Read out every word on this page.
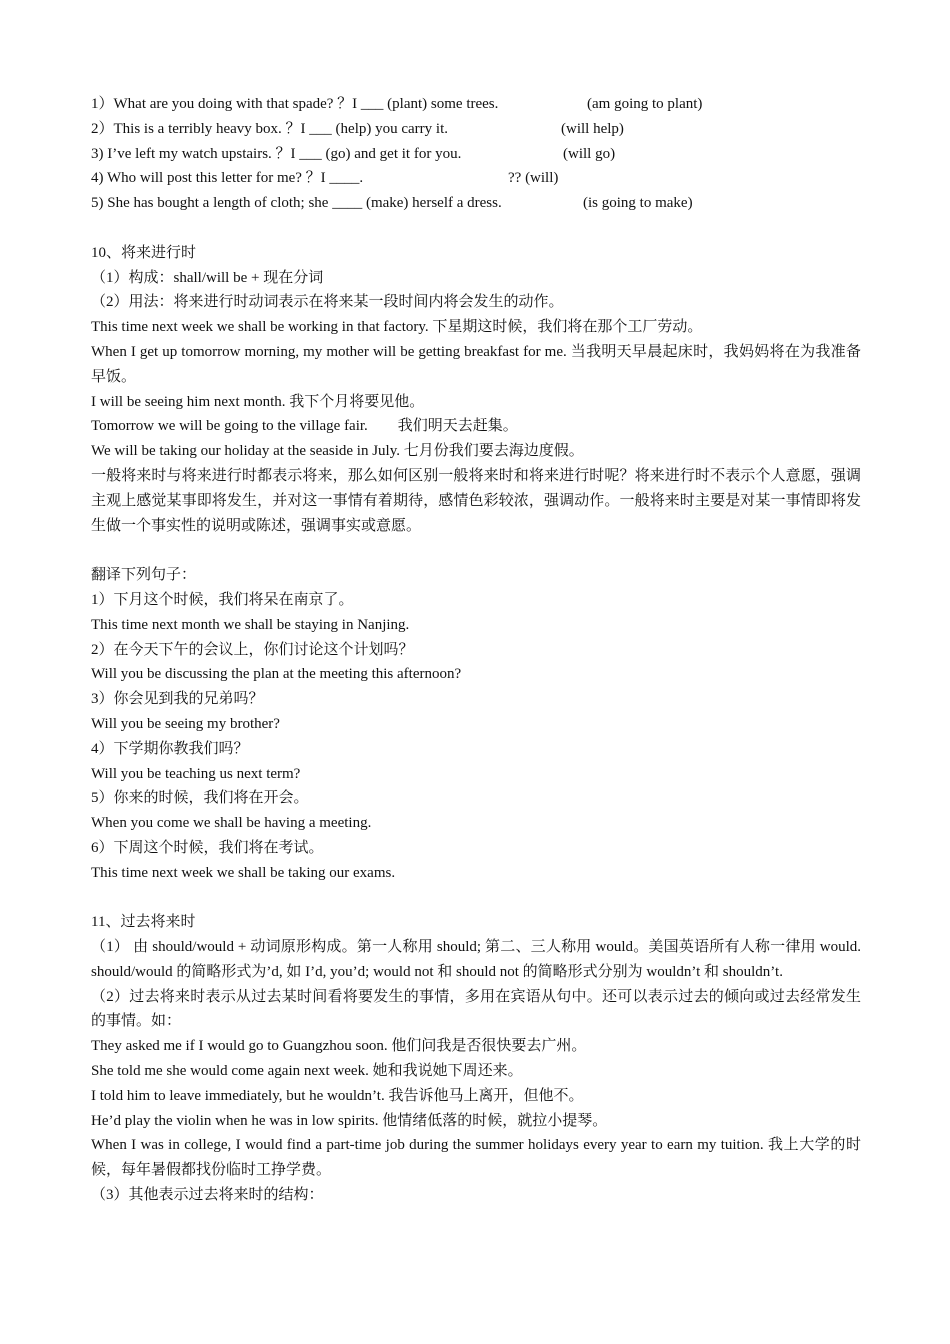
1）What are you doing with that spade? ？I ___ (plant) some trees.	(am going to plant)
2）This is a terribly heavy box. ？I ___ (help) you carry it.	(will help)
3) I’ve left my watch upstairs. ？I ___ (go) and get it for you.	(will go)
4) Who will post this letter for me? ？I ____.	?? (will)
5) She has bought a length of cloth; she ____ (make) herself a dress.	(is going to make)
10、将来进行时
（1）构成：shall/will be + 现在分词
（2）用法：将来进行时动词表示在将来某一段时间内将会发生的动作。
This time next week we shall be working in that factory. 下星期这时候，我们将在那个工厂劳动。
When I get up tomorrow morning, my mother will be getting breakfast for me. 当我明天早晨起床时，我妈妈将在为我准备早饭。
I will be seeing him next month. 我下个月将要见他。
Tomorrow we will be going to the village fair.　　我们明天去赶集。
We will be taking our holiday at the seaside in July. 七月份我们要去海边度假。
一般将来时与将来进行时都表示将来，那么如何区别一般将来时和将来进行时呢？将来进行时不表示个人意愿，强调主观上感觉某事即将发生，并对这一事情有着期待，感情色彩较浓，强调动作。一般将来时主要是对某一事情即将发生做一个事实性的说明或陈述，强调事实或意愿。
翻译下列句子：
1）下月这个时候，我们将呆在南京了。
This time next month we shall be staying in Nanjing.
2）在今天下午的会议上，你们讨论这个计划吗？
Will you be discussing the plan at the meeting this afternoon?
3）你会见到我的兄弟吗？
Will you be seeing my brother?
4）下学期你教我们吗？
Will you be teaching us next term?
5）你来的时候，我们将在开会。
When you come we shall be having a meeting.
6）下周这个时候，我们将在考试。
This time next week we shall be taking our exams.
11、过去将来时
（1） 由 should/would + 动词原形构成。第一人称用 should; 第二、三人称用 would。美国英语所有人称一律用 would. should/would 的简略形式为’d, 如 I’d, you’d; would not 和 should not 的简略形式分别为 wouldn’t 和 shouldn’t.
（2）过去将来时表示从过去某时间看将要发生的事情，多用在宾语从句中。还可以表示过去的倾向或过去经常发生的事情。如：
They asked me if I would go to Guangzhou soon. 他们问我是否很快要去广州。
She told me she would come again next week. 她和我说她下周还来。
I told him to leave immediately, but he wouldn’t. 我告诉他马上离开，但他不。
He’d play the violin when he was in low spirits. 他情绪低落的时候，就拉小提琴。
When I was in college, I would find a part-time job during the summer holidays every year to earn my tuition. 我上大学的时候，每年暑假都找份临时工挣学费。
（3）其他表示过去将来时的结构：
